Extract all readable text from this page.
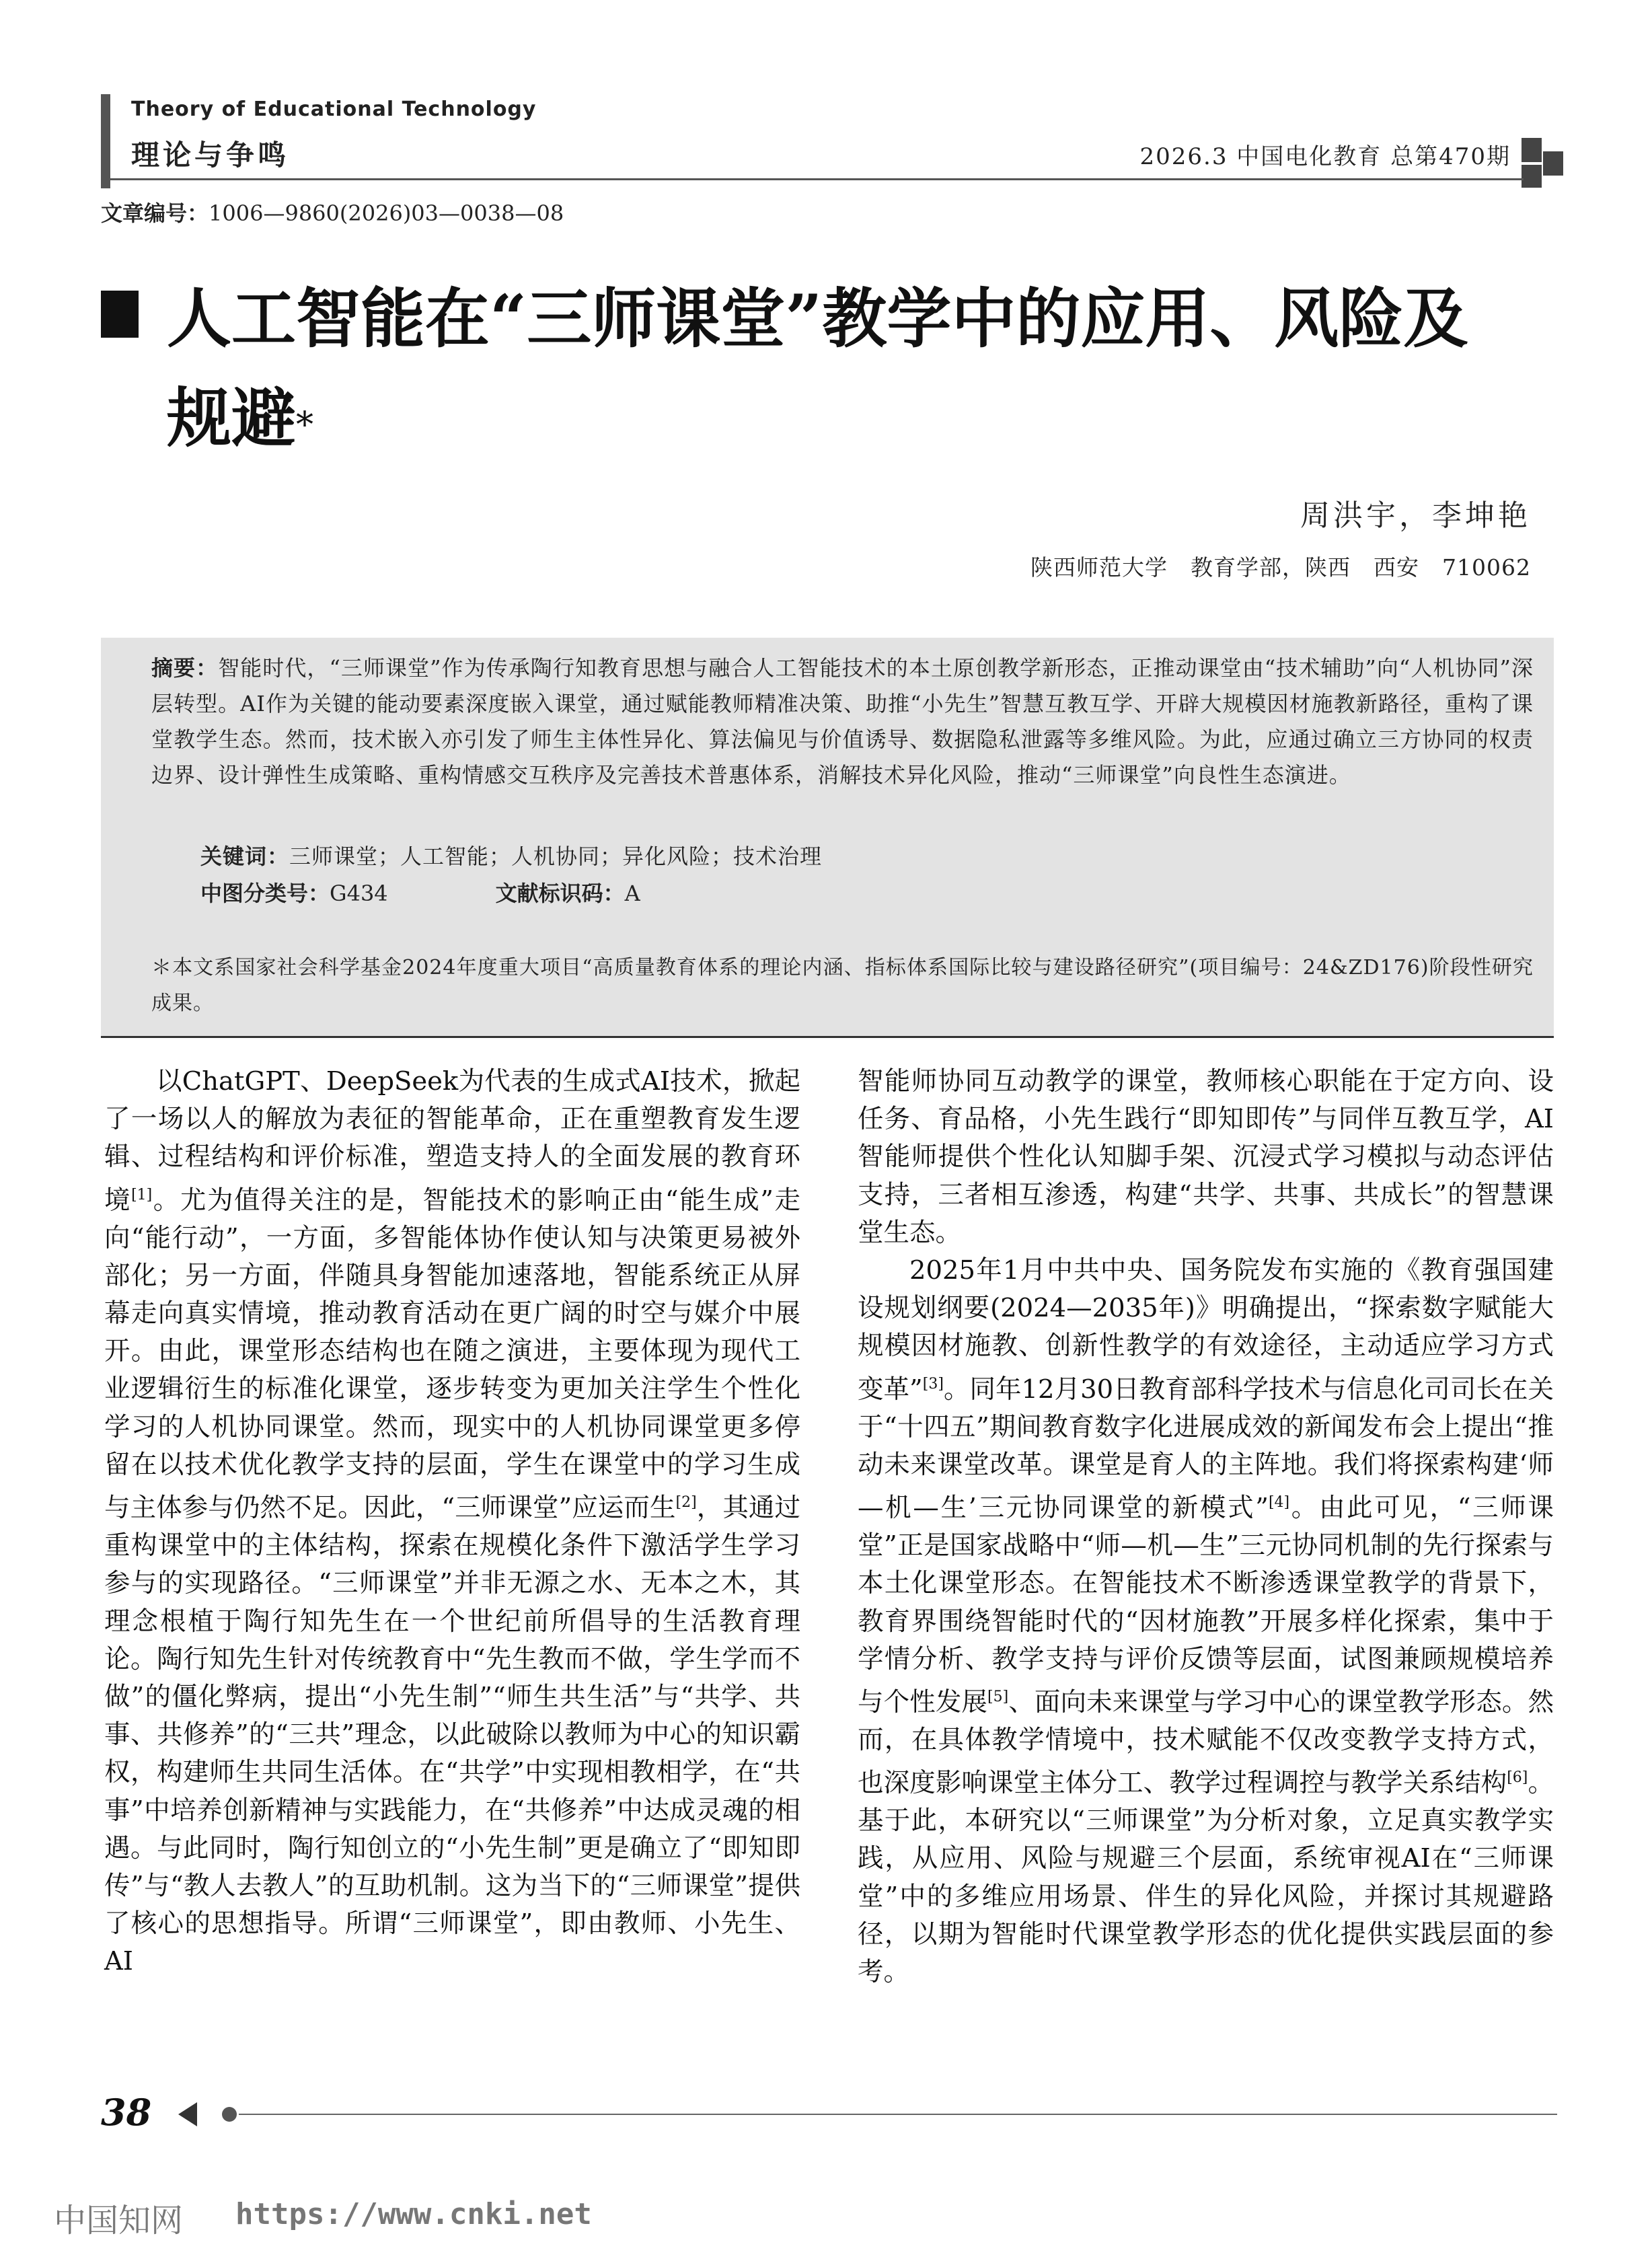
Theory of Educational Technology
理论与争鸣	2026.3 中国电化教育 总第470期
文章编号：1006—9860(2026)03—0038—08
人工智能在“三师课堂”教学中的应用、风险及
规避*
周洪宇，李坤艳
陕西师范大学　教育学部，陕西　西安　710062
摘要：智能时代，“三师课堂”作为传承陶行知教育思想与融合人工智能技术的本土原创教学新形态，正推动课堂由“技术辅助”向“人机协同”深层转型。AI作为关键的能动要素深度嵌入课堂，通过赋能教师精准决策、助推“小先生”智慧互教互学、开辟大规模因材施教新路径，重构了课堂教学生态。然而，技术嵌入亦引发了师生主体性异化、算法偏见与价值诱导、数据隐私泄露等多维风险。为此，应通过确立三方协同的权责边界、设计弹性生成策略、重构情感交互秩序及完善技术普惠体系，消解技术异化风险，推动“三师课堂”向良性生态演进。
关键词：三师课堂；人工智能；人机协同；异化风险；技术治理
中图分类号：G434	文献标识码：A
＊本文系国家社会科学基金2024年度重大项目“高质量教育体系的理论内涵、指标体系国际比较与建设路径研究”(项目编号：24&ZD176)阶段性研究成果。

以ChatGPT、DeepSeek为代表的生成式AI技术，掀起了一场以人的解放为表征的智能革命，正在重塑教育发生逻辑、过程结构和评价标准，塑造支持人的全面发展的教育环境[1]。尤为值得关注的是，智能技术的影响正由“能生成”走向“能行动”，一方面，多智能体协作使认知与决策更易被外部化；另一方面，伴随具身智能加速落地，智能系统正从屏幕走向真实情境，推动教育活动在更广阔的时空与媒介中展开。由此，课堂形态结构也在随之演进，主要体现为现代工业逻辑衍生的标准化课堂，逐步转变为更加关注学生个性化学习的人机协同课堂。然而，现实中的人机协同课堂更多停留在以技术优化教学支持的层面，学生在课堂中的学习生成与主体参与仍然不足。因此，“三师课堂”应运而生[2]，其通过重构课堂中的主体结构，探索在规模化条件下激活学生学习参与的实现路径。“三师课堂”并非无源之水、无本之木，其理念根植于陶行知先生在一个世纪前所倡导的生活教育理论。陶行知先生针对传统教育中“先生教而不做，学生学而不做”的僵化弊病，提出“小先生制”“师生共生活”与“共学、共事、共修养”的“三共”理念，以此破除以教师为中心的知识霸权，构建师生共同生活体。在“共学”中实现相教相学，在“共事”中培养创新精神与实践能力，在“共修养”中达成灵魂的相遇。与此同时，陶行知创立的“小先生制”更是确立了“即知即传”与“教人去教人”的互助机制。这为当下的“三师课堂”提供了核心的思想指导。所谓“三师课堂”，即由教师、小先生、AI

智能师协同互动教学的课堂，教师核心职能在于定方向、设任务、育品格，小先生践行“即知即传”与同伴互教互学，AI智能师提供个性化认知脚手架、沉浸式学习模拟与动态评估支持，三者相互渗透，构建“共学、共事、共成长”的智慧课堂生态。

2025年1月中共中央、国务院发布实施的《教育强国建设规划纲要(2024—2035年)》明确提出，“探索数字赋能大规模因材施教、创新性教学的有效途径，主动适应学习方式变革”[3]。同年12月30日教育部科学技术与信息化司司长在关于“十四五”期间教育数字化进展成效的新闻发布会上提出“推动未来课堂改革。课堂是育人的主阵地。我们将探索构建‘师—机—生’三元协同课堂的新模式”[4]。由此可见，“三师课堂”正是国家战略中“师—机—生”三元协同机制的先行探索与本土化课堂形态。在智能技术不断渗透课堂教学的背景下，教育界围绕智能时代的“因材施教”开展多样化探索，集中于学情分析、教学支持与评价反馈等层面，试图兼顾规模培养与个性发展[5]、面向未来课堂与学习中心的课堂教学形态。然而，在具体教学情境中，技术赋能不仅改变教学支持方式，也深度影响课堂主体分工、教学过程调控与教学关系结构[6]。基于此，本研究以“三师课堂”为分析对象，立足真实教学实践，从应用、风险与规避三个层面，系统审视AI在“三师课堂”中的多维应用场景、伴生的异化风险，并探讨其规避路径，以期为智能时代课堂教学形态的优化提供实践层面的参考。

38
中国知网 https://www.cnki.net
